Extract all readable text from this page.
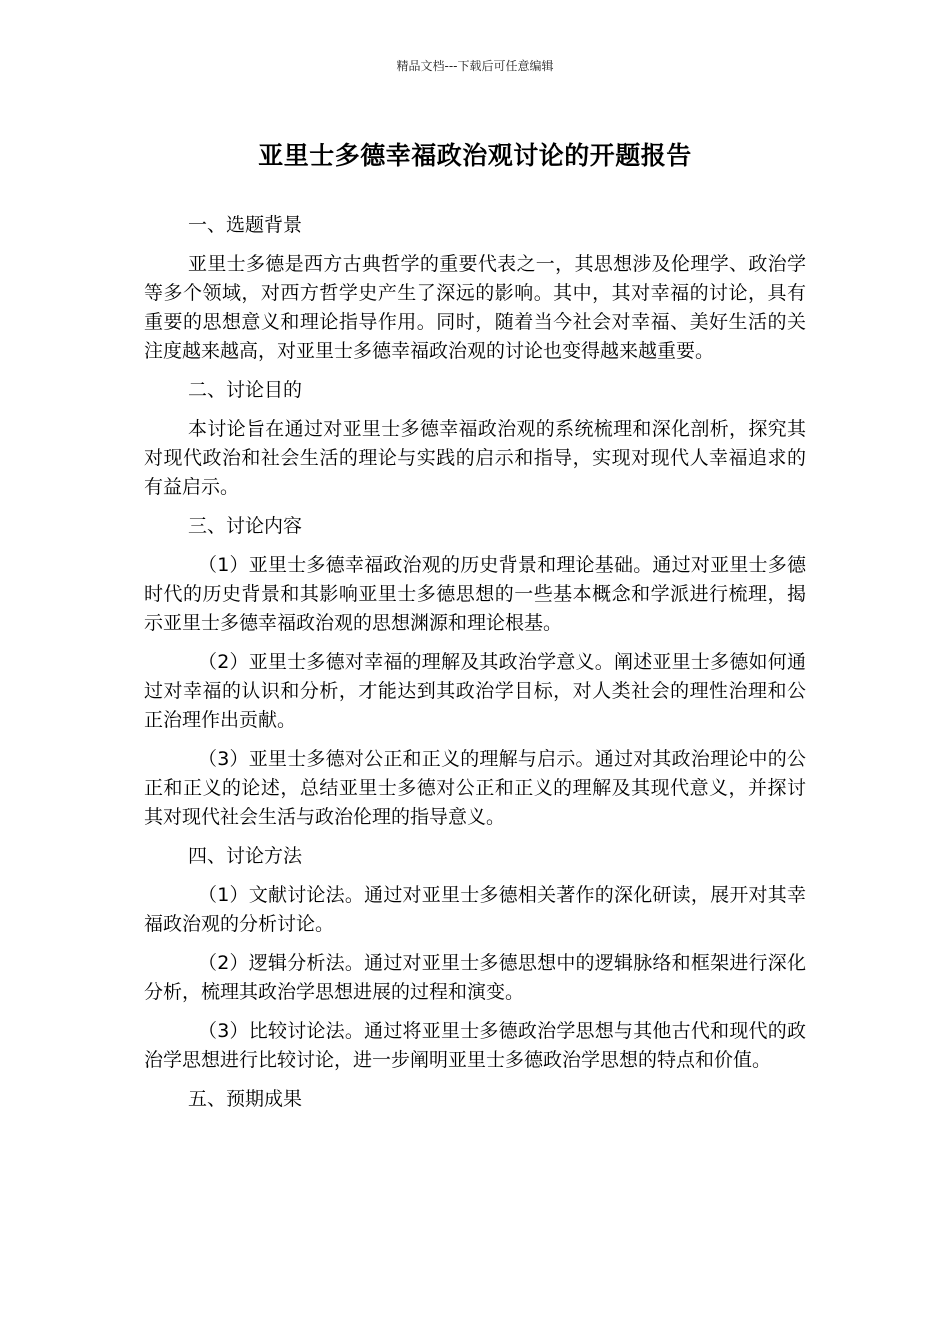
精品文档---下载后可任意编辑
亚里士多德幸福政治观讨论的开题报告
一、选题背景
亚里士多德是西方古典哲学的重要代表之一，其思想涉及伦理学、政治学等多个领域，对西方哲学史产生了深远的影响。其中，其对幸福的讨论，具有重要的思想意义和理论指导作用。同时，随着当今社会对幸福、美好生活的关注度越来越高，对亚里士多德幸福政治观的讨论也变得越来越重要。
二、讨论目的
本讨论旨在通过对亚里士多德幸福政治观的系统梳理和深化剖析，探究其对现代政治和社会生活的理论与实践的启示和指导，实现对现代人幸福追求的有益启示。
三、讨论内容
（1）亚里士多德幸福政治观的历史背景和理论基础。通过对亚里士多德时代的历史背景和其影响亚里士多德思想的一些基本概念和学派进行梳理，揭示亚里士多德幸福政治观的思想渊源和理论根基。
（2）亚里士多德对幸福的理解及其政治学意义。阐述亚里士多德如何通过对幸福的认识和分析，才能达到其政治学目标，对人类社会的理性治理和公正治理作出贡献。
（3）亚里士多德对公正和正义的理解与启示。通过对其政治理论中的公正和正义的论述，总结亚里士多德对公正和正义的理解及其现代意义，并探讨其对现代社会生活与政治伦理的指导意义。
四、讨论方法
（1）文献讨论法。通过对亚里士多德相关著作的深化研读，展开对其幸福政治观的分析讨论。
（2）逻辑分析法。通过对亚里士多德思想中的逻辑脉络和框架进行深化分析，梳理其政治学思想进展的过程和演变。
（3）比较讨论法。通过将亚里士多德政治学思想与其他古代和现代的政治学思想进行比较讨论，进一步阐明亚里士多德政治学思想的特点和价值。
五、预期成果
